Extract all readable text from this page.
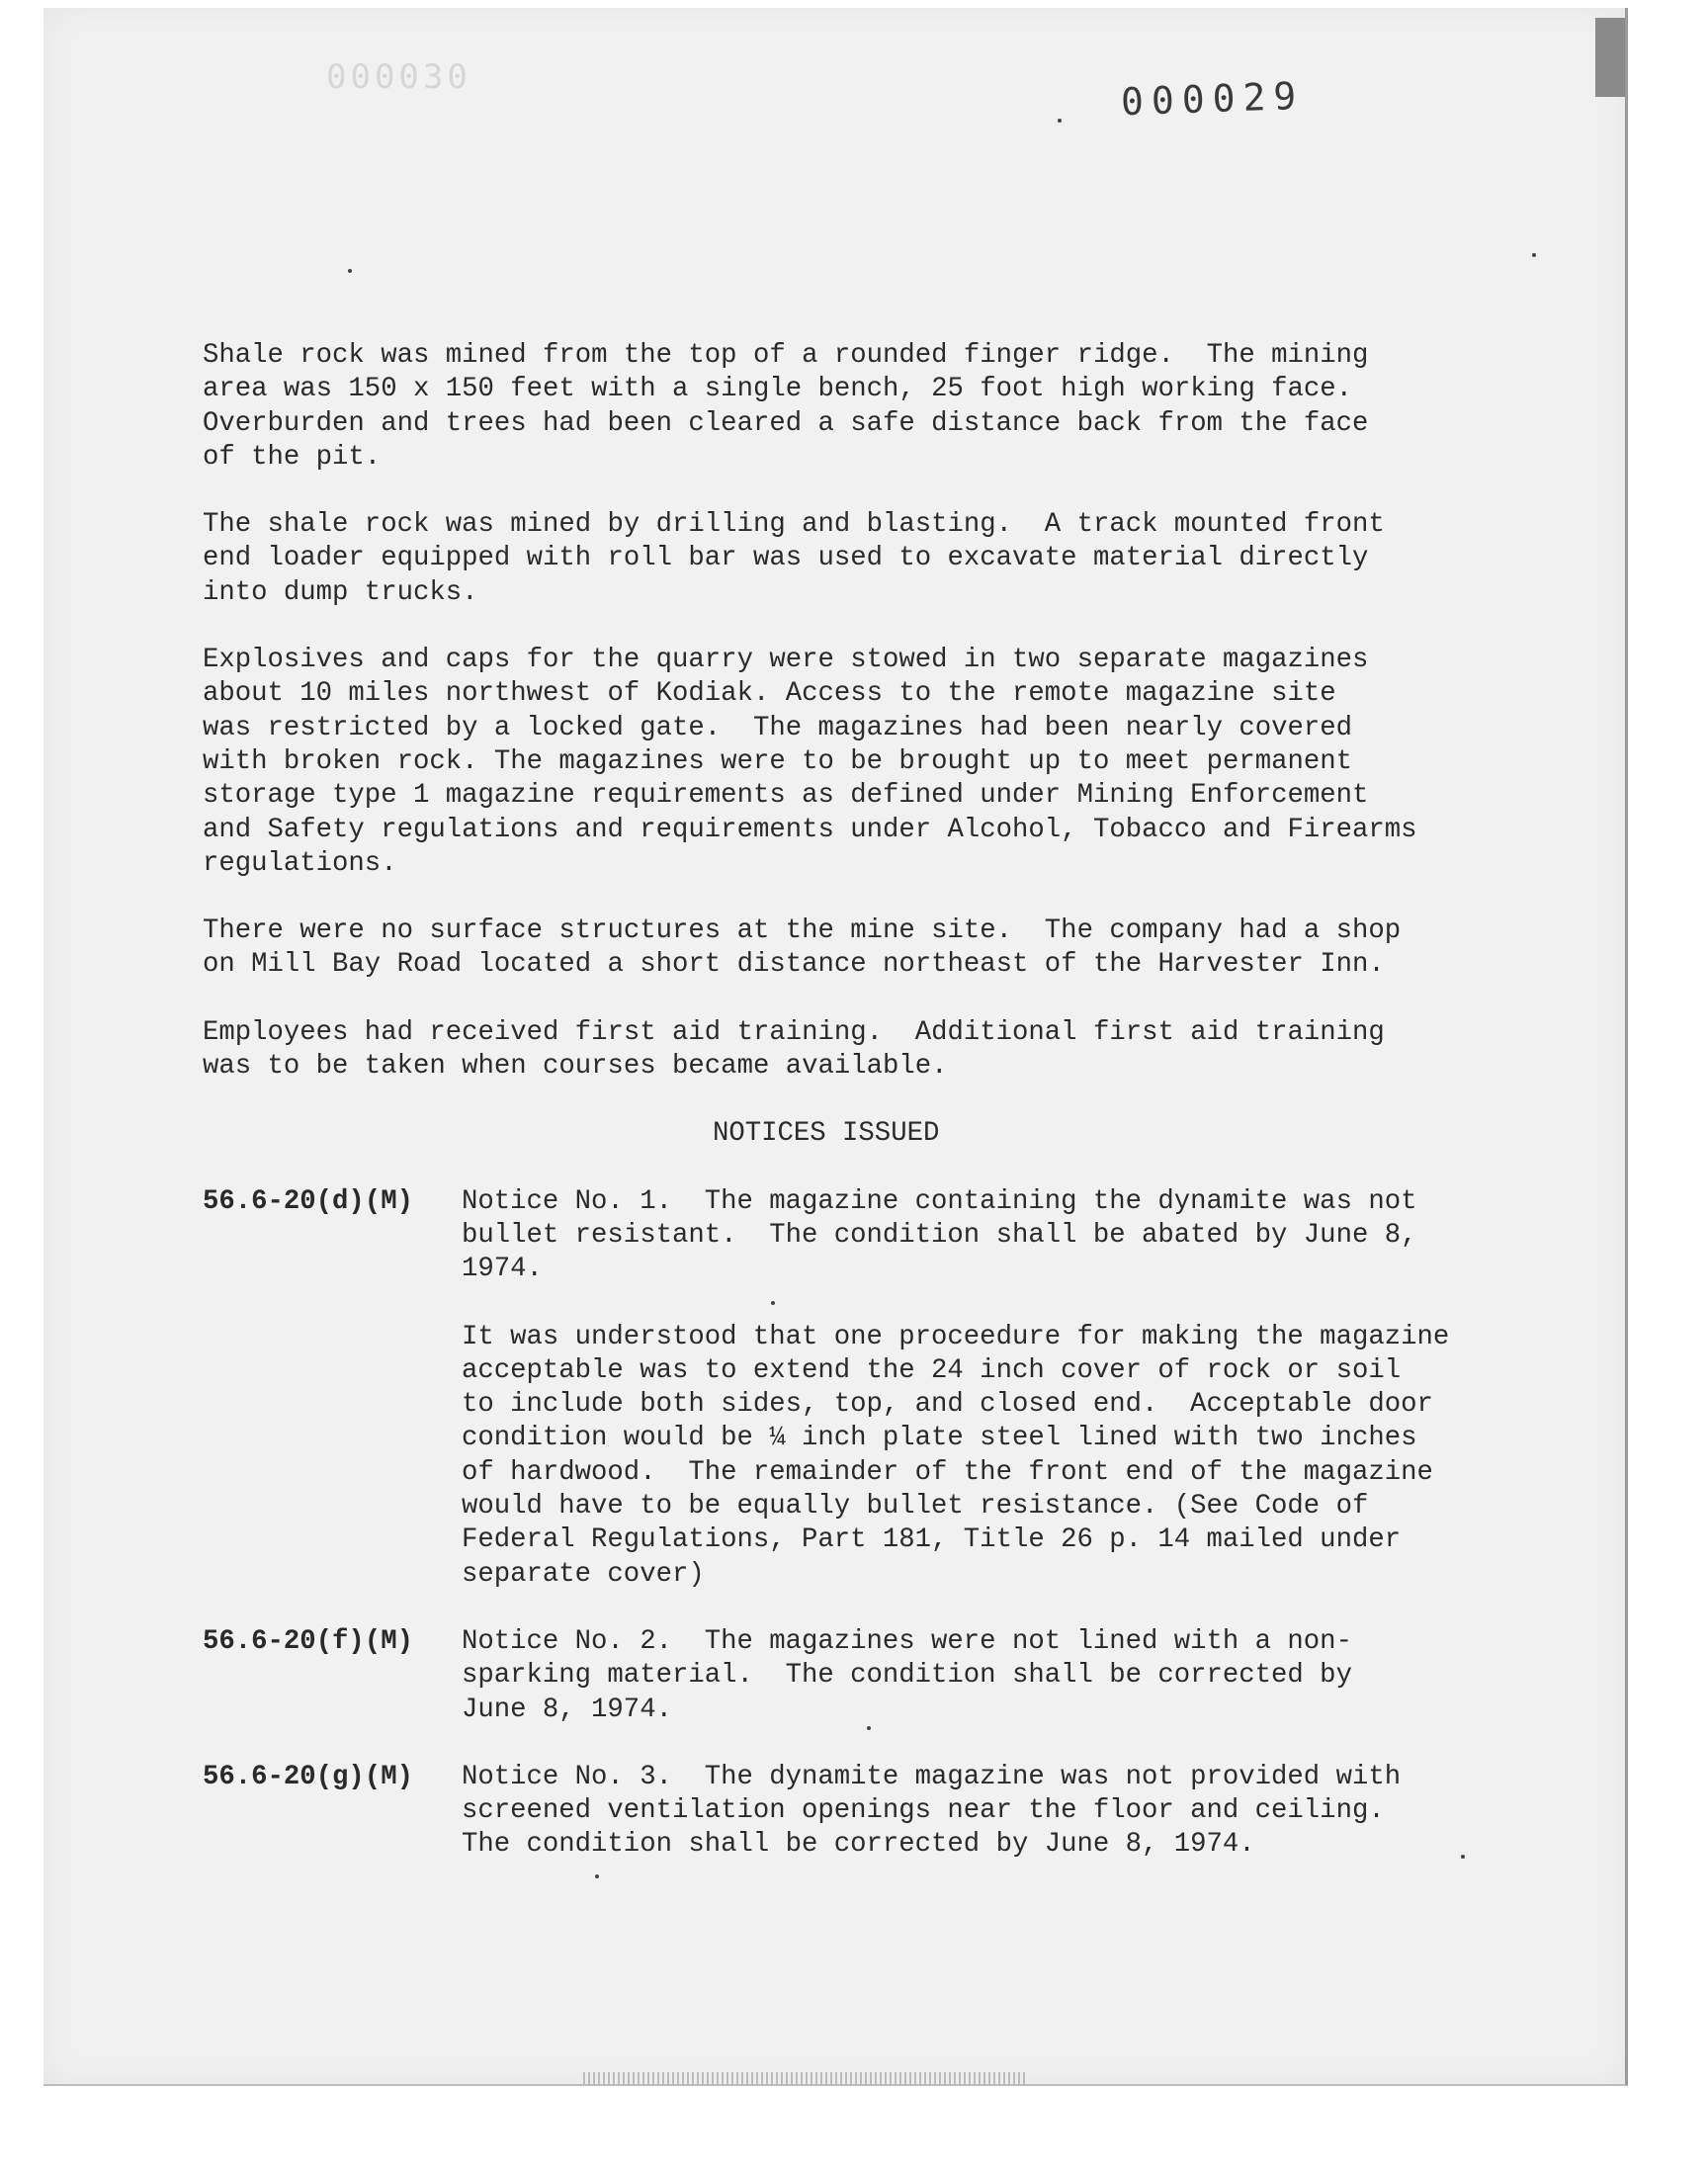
000030	000029

Shale rock was mined from the top of a rounded finger ridge.  The mining
area was 150 x 150 feet with a single bench, 25 foot high working face.
Overburden and trees had been cleared a safe distance back from the face
of the pit.

The shale rock was mined by drilling and blasting.  A track mounted front
end loader equipped with roll bar was used to excavate material directly
into dump trucks.

Explosives and caps for the quarry were stowed in two separate magazines
about 10 miles northwest of Kodiak. Access to the remote magazine site
was restricted by a locked gate.  The magazines had been nearly covered
with broken rock. The magazines were to be brought up to meet permanent
storage type 1 magazine requirements as defined under Mining Enforcement
and Safety regulations and requirements under Alcohol, Tobacco and Firearms
regulations.

There were no surface structures at the mine site.  The company had a shop
on Mill Bay Road located a short distance northeast of the Harvester Inn.

Employees had received first aid training.  Additional first aid training
was to be taken when courses became available.

NOTICES ISSUED
56.6-20(d)(M)	Notice No. 1.  The magazine containing the dynamite was not
bullet resistant.  The condition shall be abated by June 8,
1974.

It was understood that one proceedure for making the magazine
acceptable was to extend the 24 inch cover of rock or soil
to include both sides, top, and closed end.  Acceptable door
condition would be ¼ inch plate steel lined with two inches
of hardwood.  The remainder of the front end of the magazine
would have to be equally bullet resistance. (See Code of
Federal Regulations, Part 181, Title 26 p. 14 mailed under
separate cover)

56.6-20(f)(M)	Notice No. 2.  The magazines were not lined with a non-
sparking material.  The condition shall be corrected by
June 8, 1974.

56.6-20(g)(M)	Notice No. 3.  The dynamite magazine was not provided with
screened ventilation openings near the floor and ceiling.
The condition shall be corrected by June 8, 1974.
